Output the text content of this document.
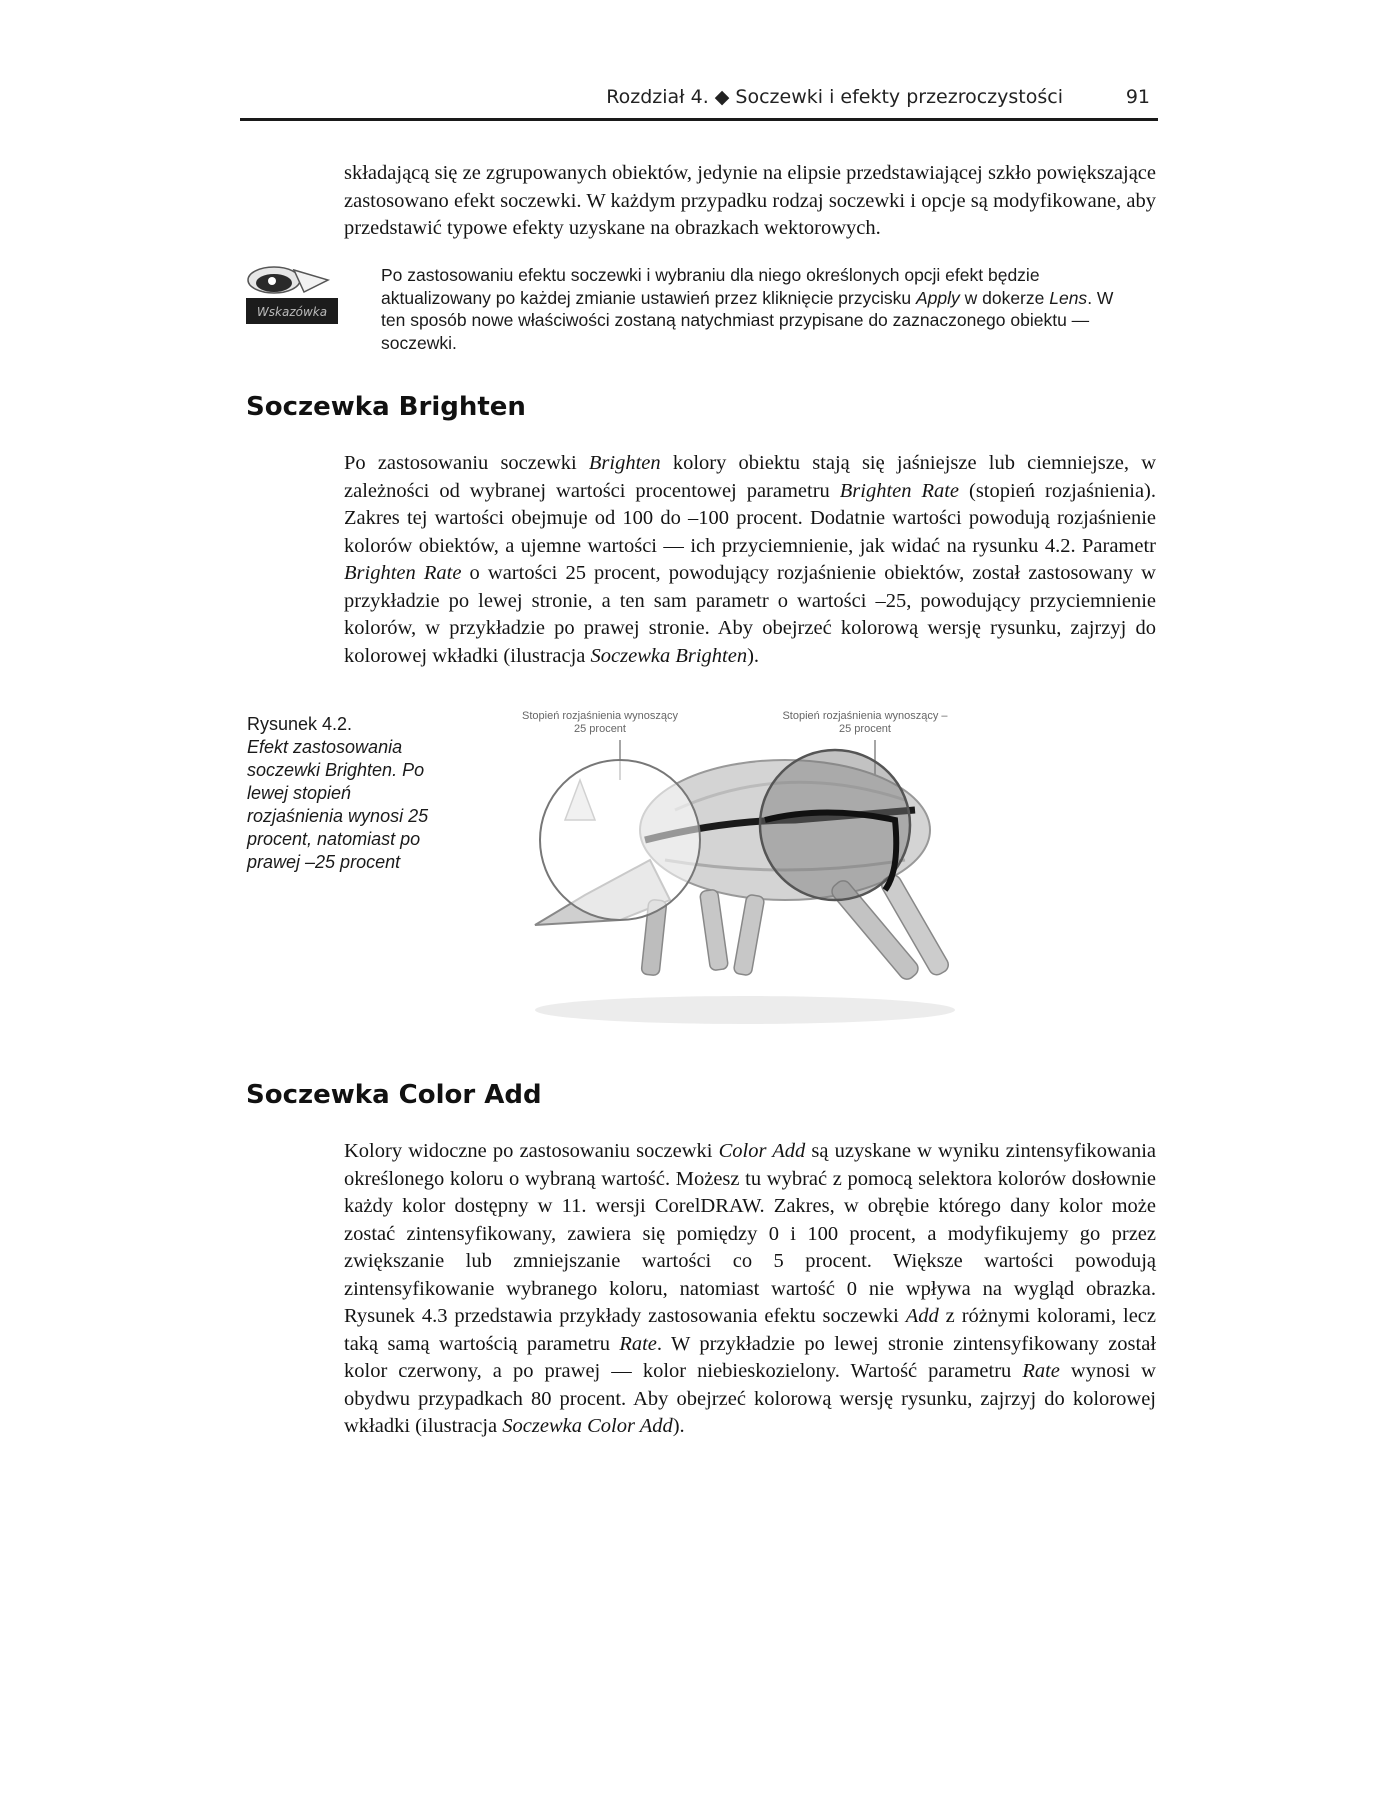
Rozdział 4. ◆ Soczewki i efekty przezroczystości	91
składającą się ze zgrupowanych obiektów, jedynie na elipsie przedstawiającej szkło powiększające zastosowano efekt soczewki. W każdym przypadku rodzaj soczewki i opcje są modyfikowane, aby przedstawić typowe efekty uzyskane na obrazkach wektorowych.
Wskazówka
Po zastosowaniu efektu soczewki i wybraniu dla niego określonych opcji efekt będzie aktualizowany po każdej zmianie ustawień przez kliknięcie przycisku Apply w dokerze Lens. W ten sposób nowe właściwości zostaną natychmiast przypisane do zaznaczonego obiektu — soczewki.
Soczewka Brighten
Po zastosowaniu soczewki Brighten kolory obiektu stają się jaśniejsze lub ciemniejsze, w zależności od wybranej wartości procentowej parametru Brighten Rate (stopień rozjaśnienia). Zakres tej wartości obejmuje od 100 do –100 procent. Dodatnie wartości powodują rozjaśnienie kolorów obiektów, a ujemne wartości — ich przyciemnienie, jak widać na rysunku 4.2. Parametr Brighten Rate o wartości 25 procent, powodujący rozjaśnienie obiektów, został zastosowany w przykładzie po lewej stronie, a ten sam parametr o wartości –25, powodujący przyciemnienie kolorów, w przykładzie po prawej stronie. Aby obejrzeć kolorową wersję rysunku, zajrzyj do kolorowej wkładki (ilustracja Soczewka Brighten).
Rysunek 4.2.
Efekt zastosowania soczewki Brighten. Po lewej stopień rozjaśnienia wynosi 25 procent, natomiast po prawej –25 procent
Stopień rozjaśnienia wynoszący 25 procent
Stopień rozjaśnienia wynoszący –25 procent
Soczewka Color Add
Kolory widoczne po zastosowaniu soczewki Color Add są uzyskane w wyniku zintensyfikowania określonego koloru o wybraną wartość. Możesz tu wybrać z pomocą selektora kolorów dosłownie każdy kolor dostępny w 11. wersji CorelDRAW. Zakres, w obrębie którego dany kolor może zostać zintensyfikowany, zawiera się pomiędzy 0 i 100 procent, a modyfikujemy go przez zwiększanie lub zmniejszanie wartości co 5 procent. Większe wartości powodują zintensyfikowanie wybranego koloru, natomiast wartość 0 nie wpływa na wygląd obrazka. Rysunek 4.3 przedstawia przykłady zastosowania efektu soczewki Add z różnymi kolorami, lecz taką samą wartością parametru Rate. W przykładzie po lewej stronie zintensyfikowany został kolor czerwony, a po prawej — kolor niebieskozielony. Wartość parametru Rate wynosi w obydwu przypadkach 80 procent. Aby obejrzeć kolorową wersję rysunku, zajrzyj do kolorowej wkładki (ilustracja Soczewka Color Add).
